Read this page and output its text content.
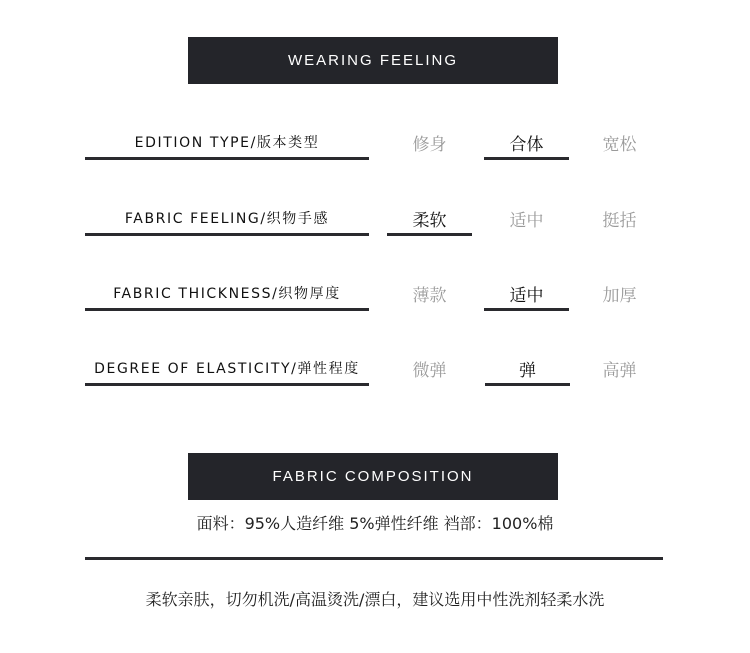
WEARING FEELING
EDITION TYPE/版本类型	修身	合体	宽松
FABRIC FEELING/织物手感	柔软	适中	挺括
FABRIC THICKNESS/织物厚度	薄款	适中	加厚
DEGREE OF ELASTICITY/弹性程度	微弹	弹	高弹
FABRIC COMPOSITION
面料：95%人造纤维 5%弹性纤维 裆部：100%棉
柔软亲肤，切勿机洗/高温烫洗/漂白，建议选用中性洗剂轻柔水洗
